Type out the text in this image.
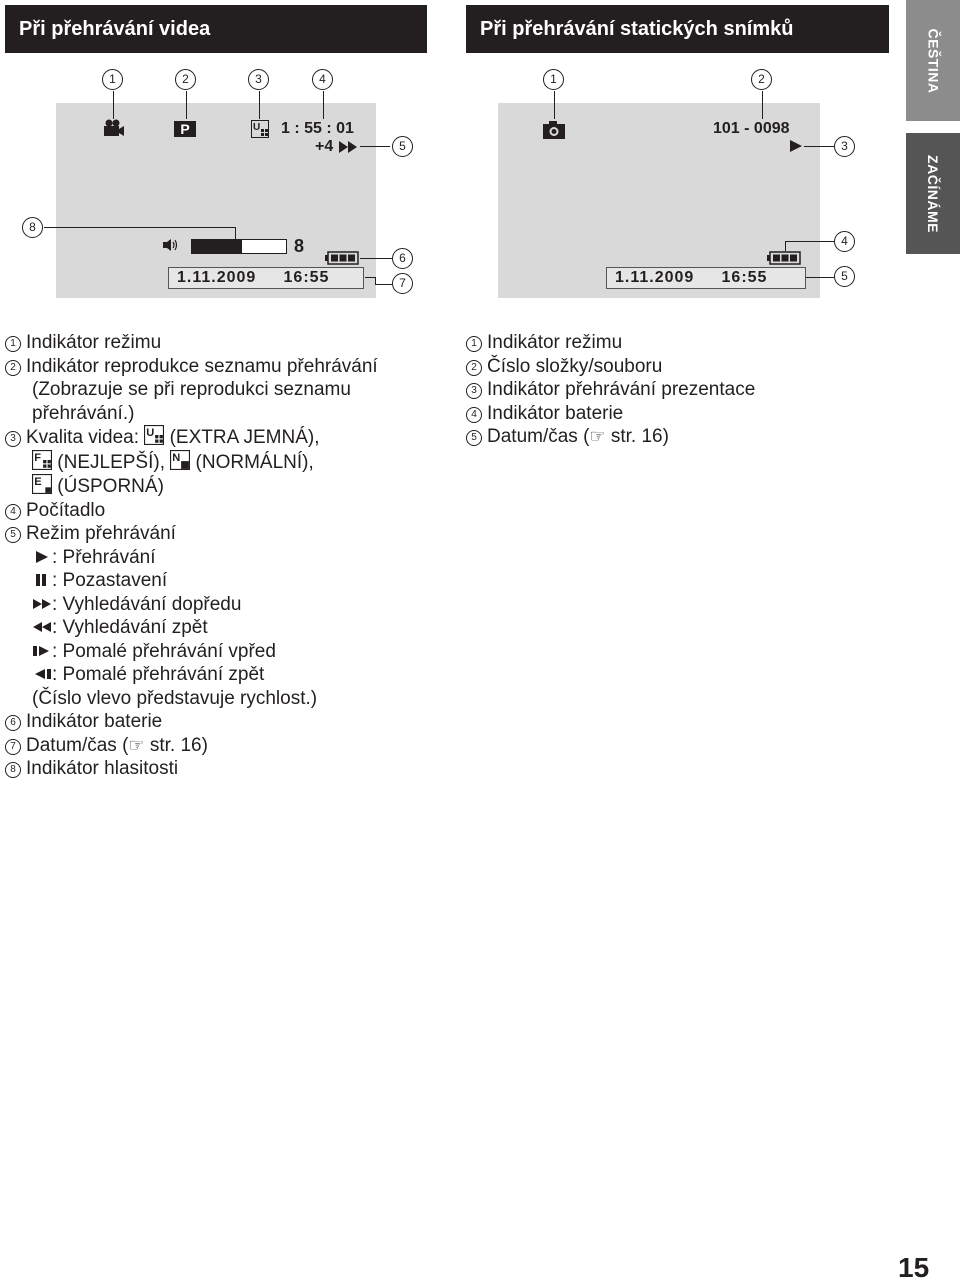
Při přehrávání videa	Při přehrávání statických snímků	ČEŠTINA
ZAČÍNÁME
1	2	3	4
P	U 1 : 55 : 01
+4	5
8
8
6
1.11.2009     16:55	7
1	2
101 - 0098
3
4
1.11.2009     16:55	5
1 Indikátor režimu
2 Indikátor reprodukce seznamu přehrávání
(Zobrazuje se při reprodukci seznamu
přehrávání.)
3 Kvalita videa: U (EXTRA JEMNÁ),
F (NEJLEPŠÍ), N (NORMÁLNÍ),
E (ÚSPORNÁ)
4 Počítadlo
5 Režim přehrávání
: Přehrávání
: Pozastavení
: Vyhledávání dopředu
: Vyhledávání zpět
: Pomalé přehrávání vpřed
: Pomalé přehrávání zpět
(Číslo vlevo představuje rychlost.)
6 Indikátor baterie
7 Datum/čas (☞ str. 16)
8 Indikátor hlasitosti
1 Indikátor režimu
2 Číslo složky/souboru
3 Indikátor přehrávání prezentace
4 Indikátor baterie
5 Datum/čas (☞ str. 16)
15
